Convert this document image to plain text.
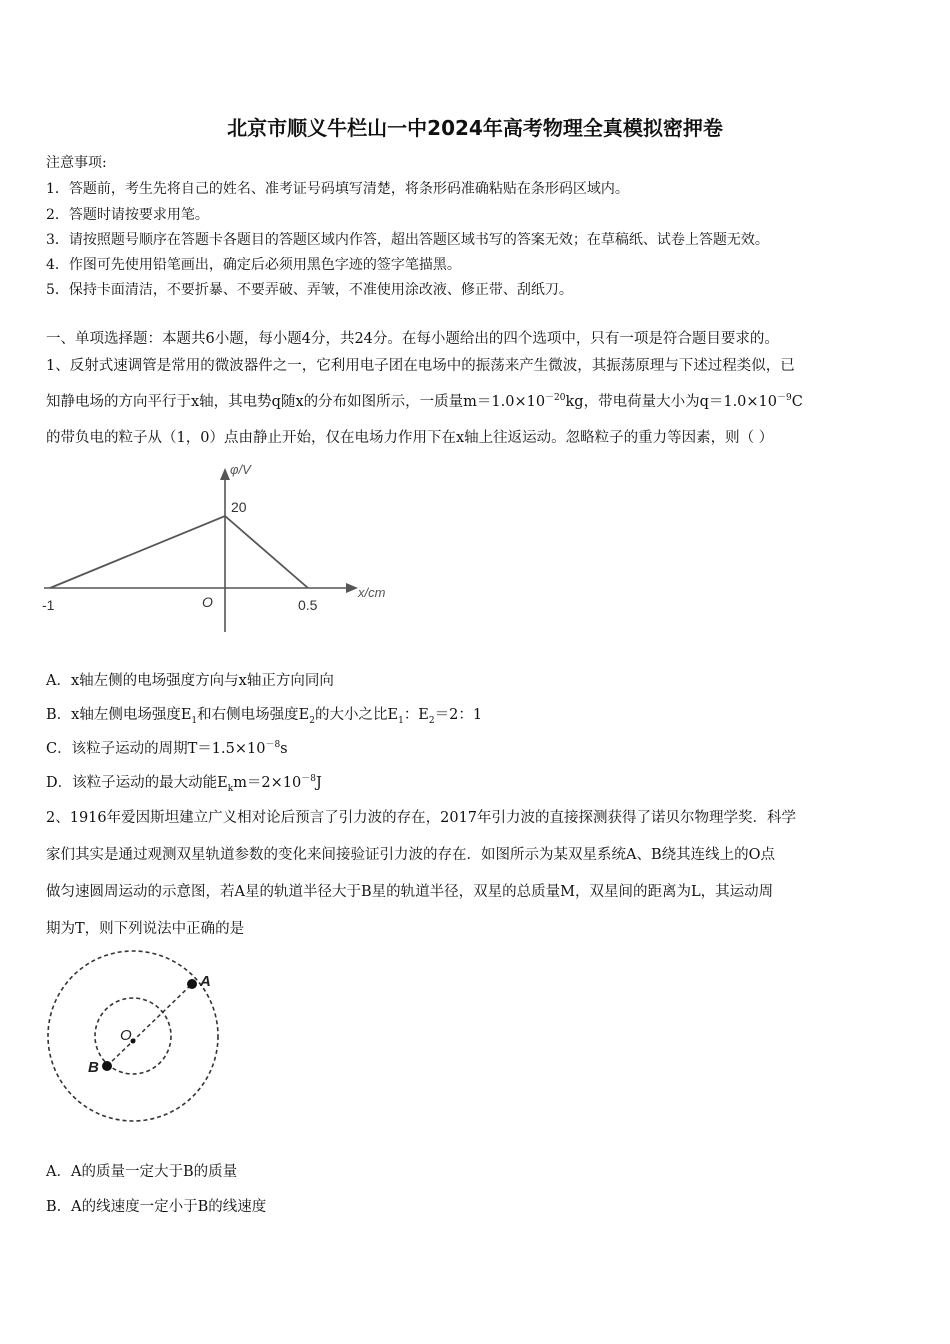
北京市顺义牛栏山一中2024年高考物理全真模拟密押卷
注意事项:
1．答题前，考生先将自己的姓名、准考证号码填写清楚，将条形码准确粘贴在条形码区域内。
2．答题时请按要求用笔。
3．请按照题号顺序在答题卡各题目的答题区域内作答，超出答题区域书写的答案无效；在草稿纸、试卷上答题无效。
4．作图可先使用铅笔画出，确定后必须用黑色字迹的签字笔描黑。
5．保持卡面清洁，不要折暴、不要弄破、弄皱，不准使用涂改液、修正带、刮纸刀。
一、单项选择题：本题共6小题，每小题4分，共24分。在每小题给出的四个选项中，只有一项是符合题目要求的。
1、反射式速调管是常用的微波器件之一，它利用电子团在电场中的振荡来产生微波，其振荡原理与下述过程类似，已
知静电场的方向平行于x轴，其电势q随x的分布如图所示，一质量$m=1.0\times 10^{-20}kg$，带电荷量大小为$q=1.0\times 10^{-9}C$
的带负电的粒子从（1，0）点由静止开始，仅在电场力作用下在x轴上往返运动。忽略粒子的重力等因素，则（ ）
φ/V
x/cm
20
O
-1	0.5
A．x轴左侧的电场强度方向与x轴正方向同向
B．x轴左侧电场强度$E_1$和右侧电场强度$E_2$的大小之比$E_1$：$E_2=2$：1
C．该粒子运动的周期$T=1.5\times 10^{-8}s$
D．该粒子运动的最大动能$E_km=2\times 10^{-8}J$
2、1916年爱因斯坦建立广义相对论后预言了引力波的存在，2017年引力波的直接探测获得了诺贝尔物理学奖．科学
家们其实是通过观测双星轨道参数的变化来间接验证引力波的存在．如图所示为某双星系统A、B绕其连线上的O点
做匀速圆周运动的示意图，若A星的轨道半径大于B星的轨道半径，双星的总质量M，双星间的距离为L，其运动周
期为T，则下列说法中正确的是
A
B
O
A．A的质量一定大于B的质量
B．A的线速度一定小于B的线速度
